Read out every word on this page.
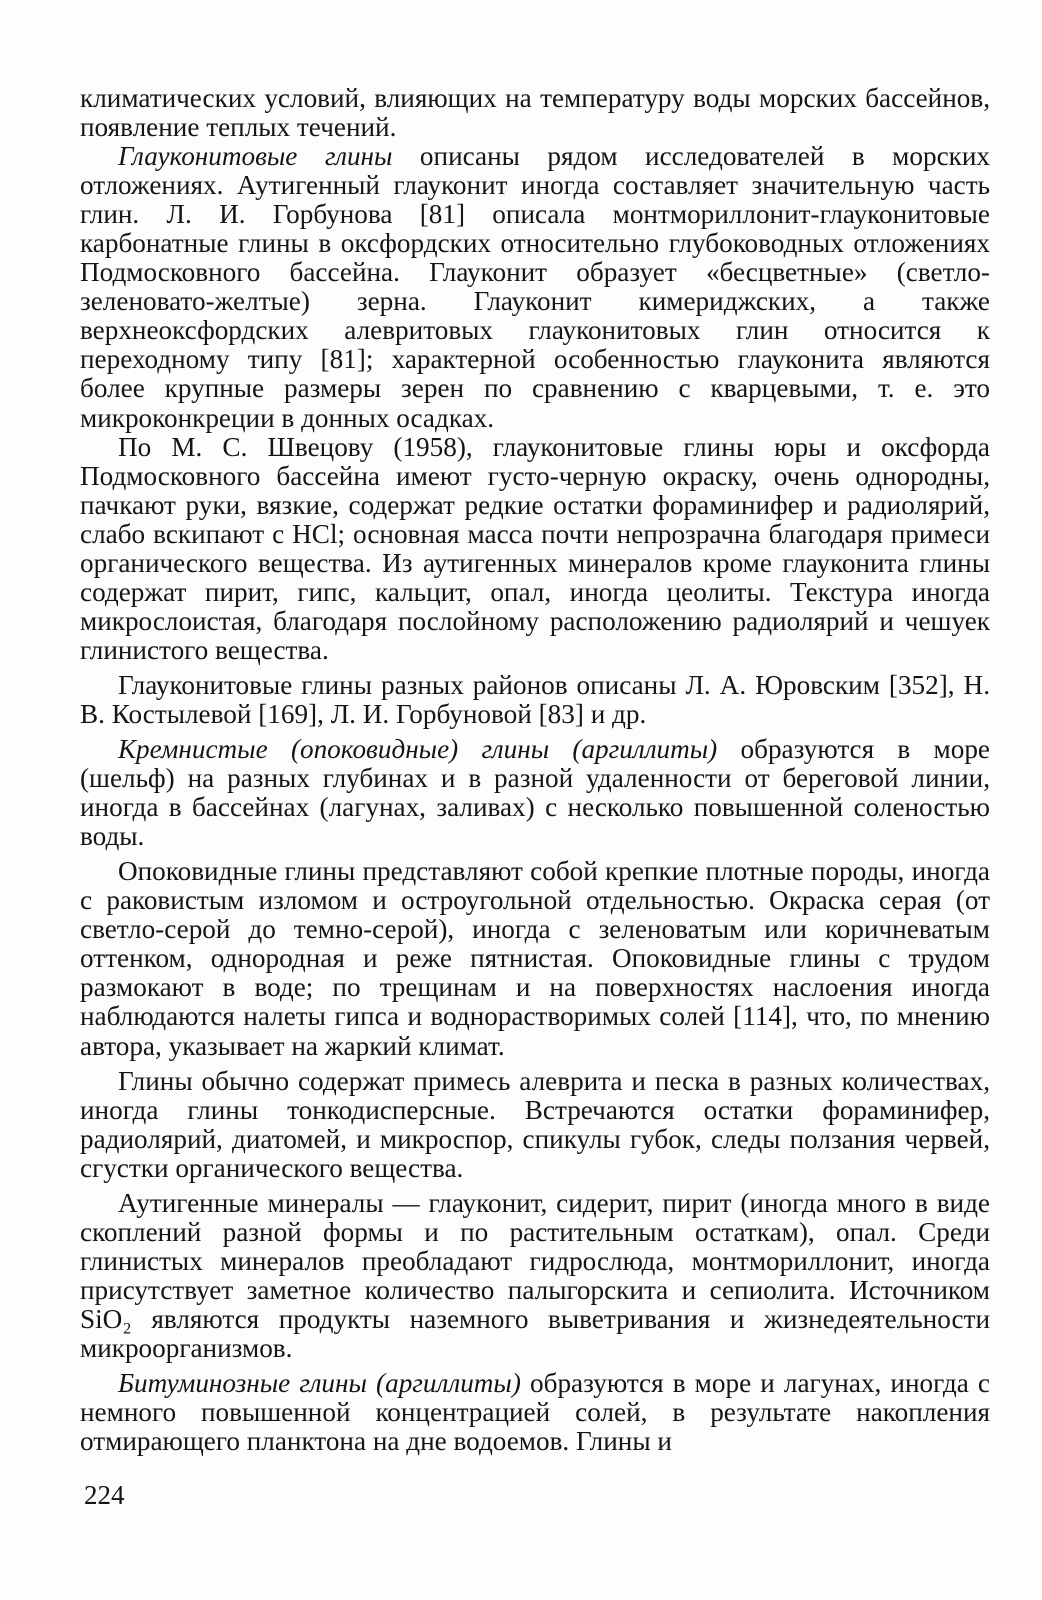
климатических условий, влияющих на температуру воды морских бассейнов, появление теплых течений.

Глауконитовые глины описаны рядом исследователей в морских отложениях. Аутигенный глауконит иногда составляет значительную часть глин. Л. И. Горбунова [81] описала монтмориллонит-глауконитовые карбонатные глины в оксфордских относительно глубоководных отложениях Подмосковного бассейна. Глауконит образует «бесцветные» (светло-зеленовато-желтые) зерна. Глауконит кимериджских, а также верхнеоксфордских алевритовых глауконитовых глин относится к переходному типу [81]; характерной особенностью глауконита являются более крупные размеры зерен по сравнению с кварцевыми, т. е. это микроконкреции в донных осадках.

По М. С. Швецову (1958), глауконитовые глины юры и оксфорда Подмосковного бассейна имеют густо-черную окраску, очень однородны, пачкают руки, вязкие, содержат редкие остатки фораминифер и радиолярий, слабо вскипают с HCl; основная масса почти непрозрачна благодаря примеси органического вещества. Из аутигенных минералов кроме глауконита глины содержат пирит, гипс, кальцит, опал, иногда цеолиты. Текстура иногда микрослоистая, благодаря послойному расположению радиолярий и чешуек глинистого вещества.

Глауконитовые глины разных районов описаны Л. А. Юровским [352], Н. В. Костылевой [169], Л. И. Горбуновой [83] и др.

Кремнистые (опоковидные) глины (аргиллиты) образуются в море (шельф) на разных глубинах и в разной удаленности от береговой линии, иногда в бассейнах (лагунах, заливах) с несколько повышенной соленостью воды.

Опоковидные глины представляют собой крепкие плотные породы, иногда с раковистым изломом и остроугольной отдельностью. Окраска серая (от светло-серой до темно-серой), иногда с зеленоватым или коричневатым оттенком, однородная и реже пятнистая. Опоковидные глины с трудом размокают в воде; по трещинам и на поверхностях наслоения иногда наблюдаются налеты гипса и воднорастворимых солей [114], что, по мнению автора, указывает на жаркий климат.

Глины обычно содержат примесь алеврита и песка в разных количествах, иногда глины тонкодисперсные. Встречаются остатки фораминифер, радиолярий, диатомей, и микроспор, спикулы губок, следы ползания червей, сгустки органического вещества.

Аутигенные минералы — глауконит, сидерит, пирит (иногда много в виде скоплений разной формы и по растительным остаткам), опал. Среди глинистых минералов преобладают гидрослюда, монтмориллонит, иногда присутствует заметное количество палыгорскита и сепиолита. Источником SiO₂ являются продукты наземного выветривания и жизнедеятельности микроорганизмов.

Битуминозные глины (аргиллиты) образуются в море и лагунах, иногда с немного повышенной концентрацией солей, в результате накопления отмирающего планктона на дне водоемов. Глины и

224
